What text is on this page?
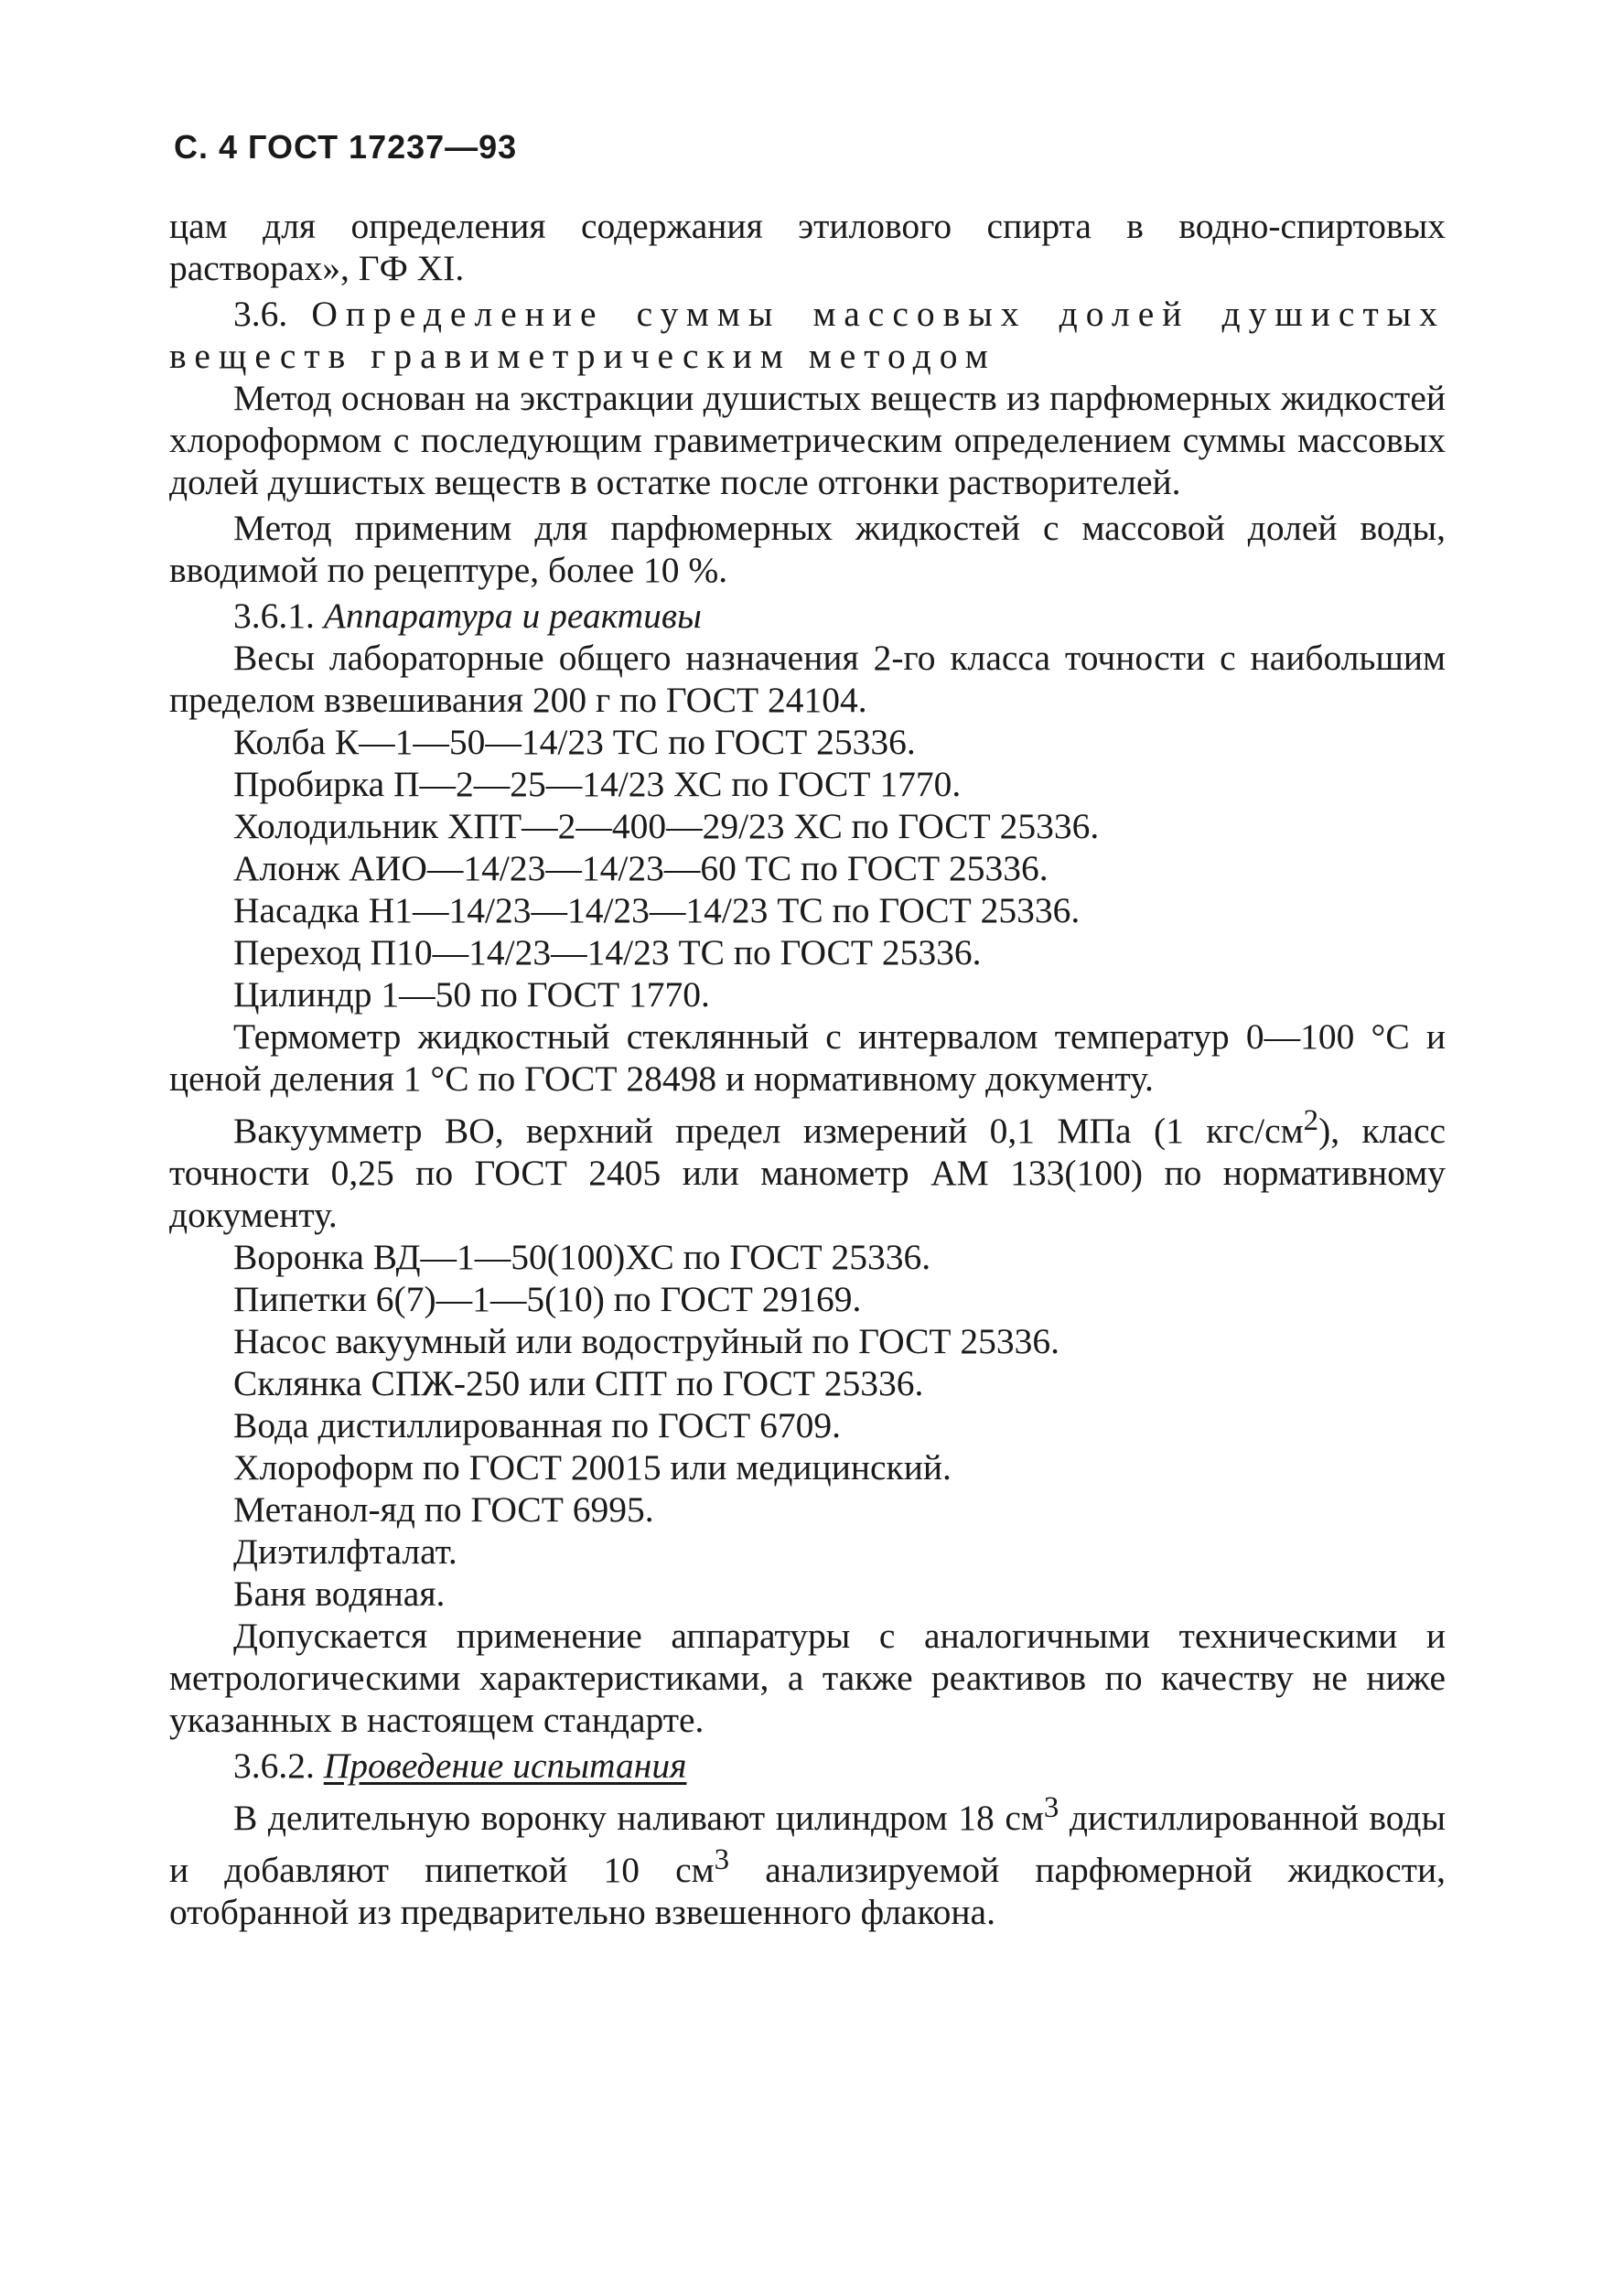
С. 4 ГОСТ 17237—93

цам для определения содержания этилового спирта в водно-спиртовых растворах», ГФ XI.

3.6. Определение суммы массовых долей душистых веществ гравиметрическим методом

Метод основан на экстракции душистых веществ из парфюмерных жидкостей хлороформом с последующим гравиметрическим определением суммы массовых долей душистых веществ в остатке после отгонки растворителей.

Метод применим для парфюмерных жидкостей с массовой долей воды, вводимой по рецептуре, более 10 %.

3.6.1. Аппаратура и реактивы

Весы лабораторные общего назначения 2-го класса точности с наибольшим пределом взвешивания 200 г по ГОСТ 24104.

Колба К—1—50—14/23 ТС по ГОСТ 25336.

Пробирка П—2—25—14/23 ХС по ГОСТ 1770.

Холодильник ХПТ—2—400—29/23 ХС по ГОСТ 25336.

Алонж АИО—14/23—14/23—60 ТС по ГОСТ 25336.

Насадка Н1—14/23—14/23—14/23 ТС по ГОСТ 25336.

Переход П10—14/23—14/23 ТС по ГОСТ 25336.

Цилиндр 1—50 по ГОСТ 1770.

Термометр жидкостный стеклянный с интервалом температур 0—100 °С и ценой деления 1 °С по ГОСТ 28498 и нормативному документу.

Вакуумметр ВО, верхний предел измерений 0,1 МПа (1 кгс/$см^2$), класс точности 0,25 по ГОСТ 2405 или манометр АМ 133(100) по нормативному документу.

Воронка ВД—1—50(100)ХС по ГОСТ 25336.

Пипетки 6(7)—1—5(10) по ГОСТ 29169.

Насос вакуумный или водоструйный по ГОСТ 25336.

Склянка СПЖ-250 или СПТ по ГОСТ 25336.

Вода дистиллированная по ГОСТ 6709.

Хлороформ по ГОСТ 20015 или медицинский.

Метанол-яд по ГОСТ 6995.

Диэтилфталат.

Баня водяная.

Допускается применение аппаратуры с аналогичными техническими и метрологическими характеристиками, а также реактивов по качеству не ниже указанных в настоящем стандарте.

3.6.2. Проведение испытания

В делительную воронку наливают цилиндром 18 $см^3$ дистиллированной воды и добавляют пипеткой 10 $см^3$ анализируемой парфюмерной жидкости, отобранной из предварительно взвешенного флакона.
